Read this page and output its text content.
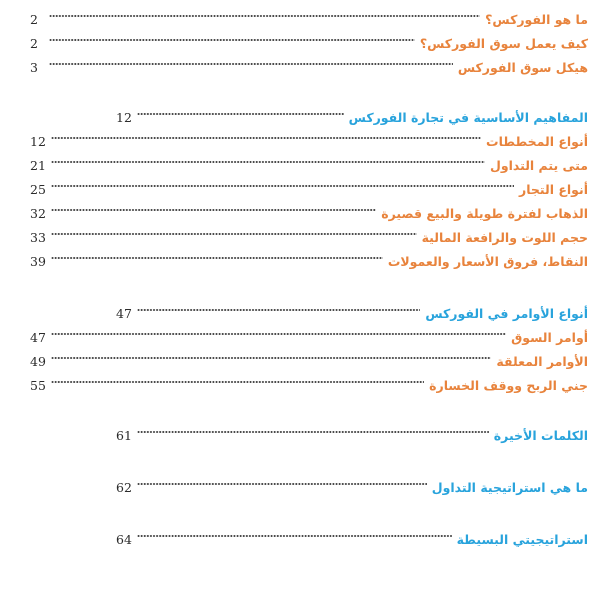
ما هو الفوركس؟
2
كيف يعمل سوق الفوركس؟
2
هيكل سوق الفوركس
3
المفاهيم الأساسية في تجارة الفوركس
12
أنواع المخططات
12
متى يتم التداول
21
أنواع التجار
25
الذهاب لفترة طويلة والبيع قصيرة
32
حجم اللوت والرافعة المالية
33
النقاط، فروق الأسعار والعمولات
39
أنواع الأوامر في الفوركس
47
أوامر السوق
47
الأوامر المعلقة
49
جني الربح ووقف الخسارة
55
الكلمات الأخيرة
61
ما هي استراتيجية التداول
62
استراتيجيتي البسيطة
64
